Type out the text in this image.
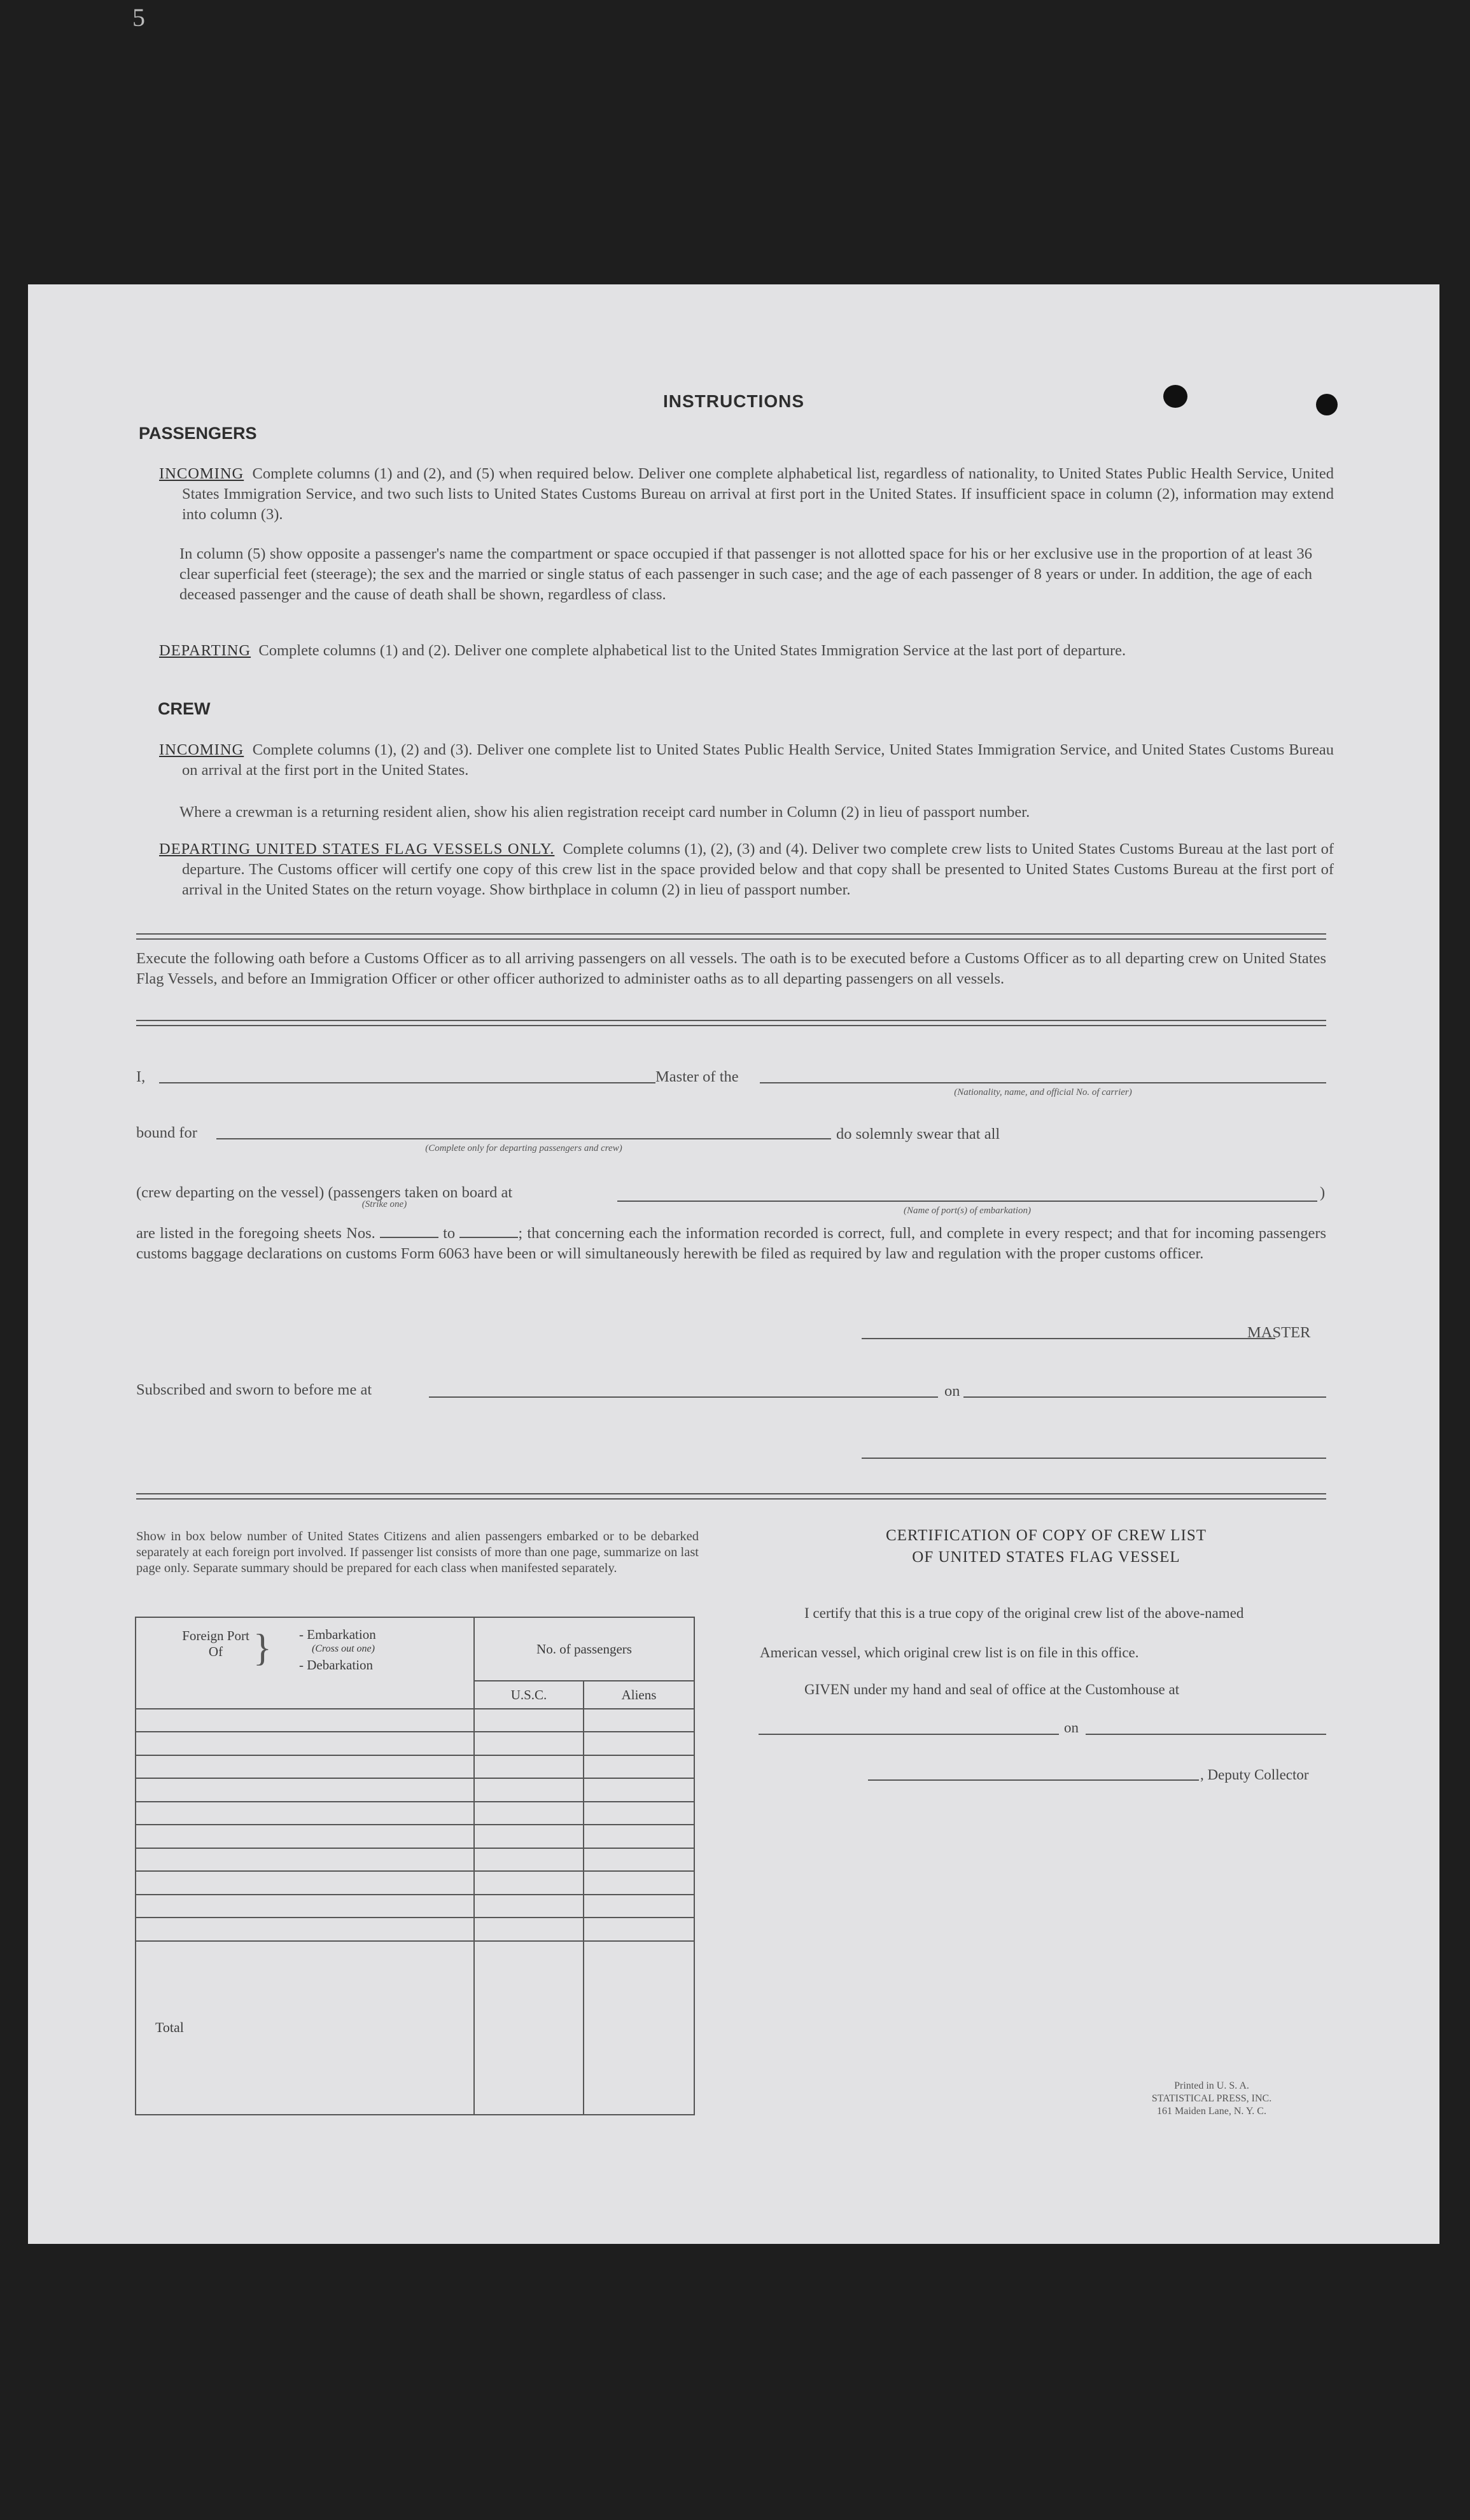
5
INSTRUCTIONS
PASSENGERS
INCOMING Complete columns (1) and (2), and (5) when required below. Deliver one complete alphabetical list, regardless of nationality, to United States Public Health Service, United States Immigration Service, and two such lists to United States Customs Bureau on arrival at first port in the United States. If insufficient space in column (2), information may extend into column (3).
In column (5) show opposite a passenger's name the compartment or space occupied if that passenger is not allotted space for his or her exclusive use in the proportion of at least 36 clear superficial feet (steerage); the sex and the married or single status of each passenger in such case; and the age of each passenger of 8 years or under. In addition, the age of each deceased passenger and the cause of death shall be shown, regardless of class.
DEPARTING Complete columns (1) and (2). Deliver one complete alphabetical list to the United States Immigration Service at the last port of departure.
CREW
INCOMING Complete columns (1), (2) and (3). Deliver one complete list to United States Public Health Service, United States Immigration Service, and United States Customs Bureau on arrival at the first port in the United States.
Where a crewman is a returning resident alien, show his alien registration receipt card number in Column (2) in lieu of passport number.
DEPARTING UNITED STATES FLAG VESSELS ONLY. Complete columns (1), (2), (3) and (4). Deliver two complete crew lists to United States Customs Bureau at the last port of departure. The Customs officer will certify one copy of this crew list in the space provided below and that copy shall be presented to United States Customs Bureau at the first port of arrival in the United States on the return voyage. Show birthplace in column (2) in lieu of passport number.
Execute the following oath before a Customs Officer as to all arriving passengers on all vessels. The oath is to be executed before a Customs Officer as to all departing crew on United States Flag Vessels, and before an Immigration Officer or other officer authorized to administer oaths as to all departing passengers on all vessels.
I,	Master of the
(Nationality, name, and official No. of carrier)
bound for
(Complete only for departing passengers and crew)
do solemnly swear that all
(crew departing on the vessel) (passengers taken on board at
(Strike one)
(Name of port(s) of embarkation)
)
are listed in the foregoing sheets Nos.	to	; that concerning each the information recorded is correct, full, and complete in every respect; and that for incoming passengers customs baggage declarations on customs Form 6063 have been or will simultaneously herewith be filed as required by law and regulation with the proper customs officer.
MASTER
Subscribed and sworn to before me at	on
Show in box below number of United States Citizens and alien passengers embarked or to be debarked separately at each foreign port involved. If passenger list consists of more than one page, summarize on last page only. Separate summary should be prepared for each class when manifested separately.
Foreign Port Of } - Embarkation
(Cross out one)
- Debarkation	No. of passengers	
	U.S.C.	Aliens

Total		
CERTIFICATION OF COPY OF CREW LIST
OF UNITED STATES FLAG VESSEL
I certify that this is a true copy of the original crew list of the above-named
American vessel, which original crew list is on file in this office.
GIVEN under my hand and seal of office at the Customhouse at
on
, Deputy Collector
Printed in U. S. A.
STATISTICAL PRESS, INC.
161 Maiden Lane, N. Y. C.
